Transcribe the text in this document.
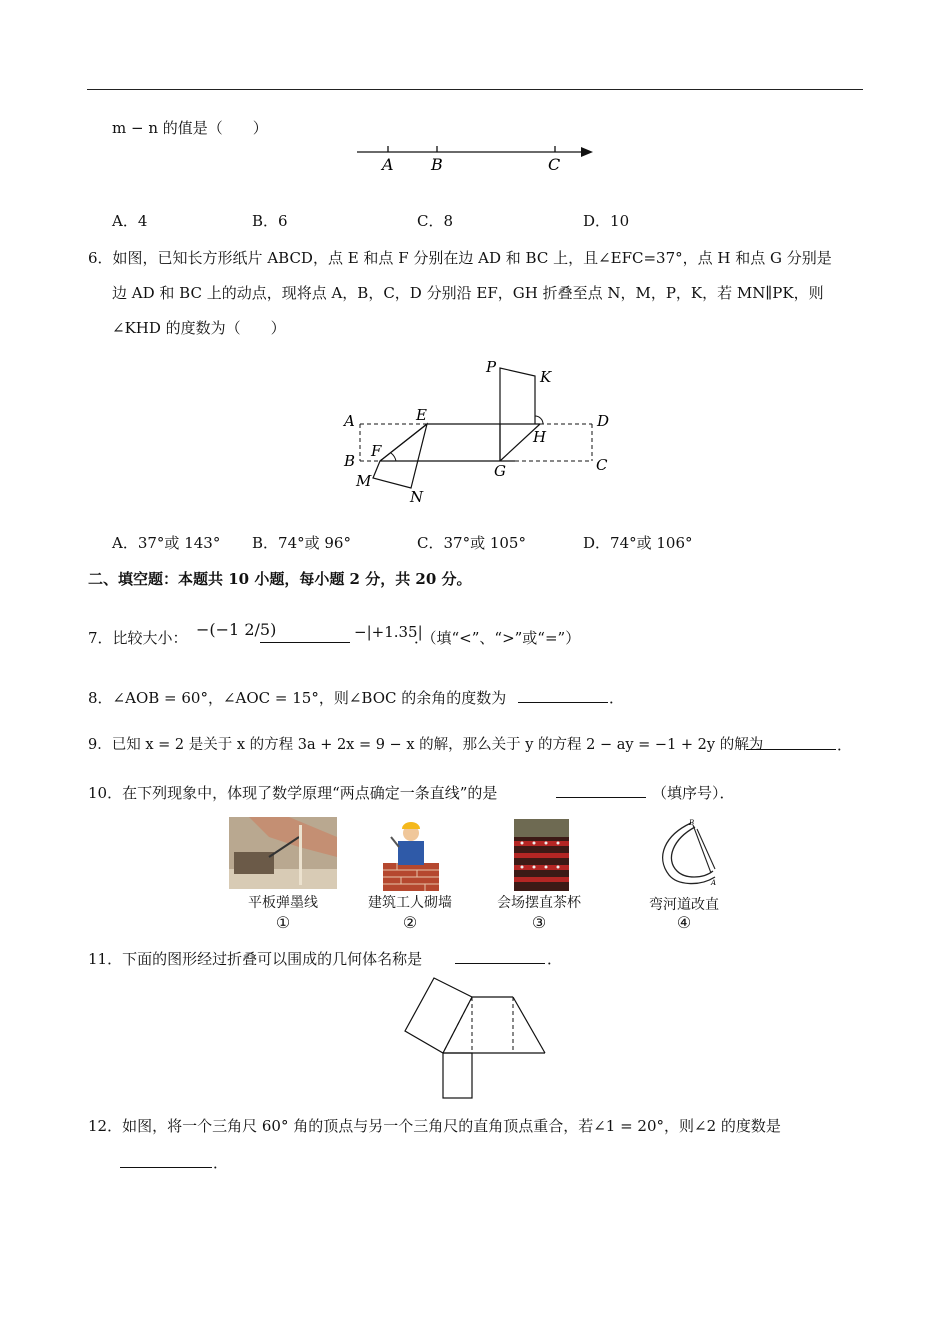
m − n 的值是（　　）
A B	C
A．4	B．6	C．8	D．10
6．如图，已知长方形纸片 ABCD，点 E 和点 F 分别在边 AD 和 BC 上，且∠EFC=37°，点 H 和点 G 分别是
边 AD 和 BC 上的动点，现将点 A，B，C，D 分别沿 EF，GH 折叠至点 N，M，P，K，若 MN∥PK，则
∠KHD 的度数为（　　）
P
K
A	E	D
H
F
B
G	C
M
N
A．37°或 143° B．74°或 96°	C．37°或 105°	D．74°或 106°
二、填空题：本题共 10 小题，每小题 2 分，共 20 分。
7．比较大小： −(−1 2/5)	−|+1.35|
．（填“<”、“>”或“=”）
8．∠AOB = 60°，∠AOC = 15°，则∠BOC 的余角的度数为	．
9．已知 x = 2 是关于 x 的方程 3a + 2x = 9 − x 的解，那么关于 y 的方程 2 − ay = −1 + 2y 的解为	．
10．在下列现象中，体现了数学原理“两点确定一条直线”的是	（填序号）．
B
A
平板弹墨线
①
建筑工人砌墙
②
会场摆直茶杯
③
弯河道改直
④
11．下面的图形经过折叠可以围成的几何体名称是	．
12．如图，将一个三角尺 60° 角的顶点与另一个三角尺的直角顶点重合，若∠1 = 20°，则∠2 的度数是
．
